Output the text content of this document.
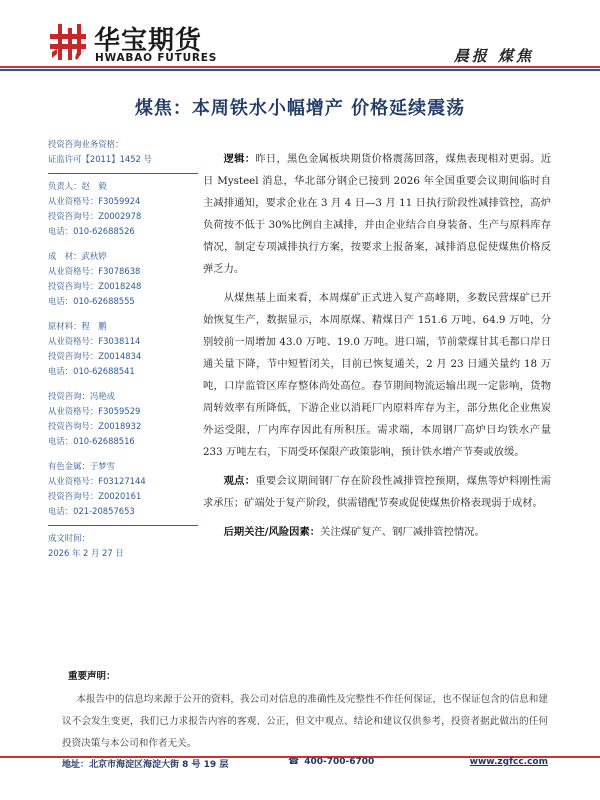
华宝期货
HWABAO FUTURES	晨报 煤焦
煤焦：本周铁水小幅增产 价格延续震荡
投资咨询业务资格：
证监许可【2011】1452 号
负责人：赵　毅
从业资格号：F3059924
投资咨询号：Z0002978
电话：010-62688526
成　材：武秋婷
从业资格号：F3078638
投资咨询号：Z0018248
电话：010-62688555
原材料：程　鹏
从业资格号：F3038114
投资咨询号：Z0014834
电话：010-62688541
投资咨询：冯艳成
从业资格号：F3059529
投资咨询号：Z0018932
电话：010-62688516
有色金属：于梦雪
从业资格号：F03127144
投资咨询号：Z0020161
电话：021-20857653
成文时间：
2026 年 2 月 27 日

逻辑：昨日，黑色金属板块期货价格震荡回落，煤焦表现相对更弱。近日 Mysteel 消息，华北部分钢企已接到 2026 年全国重要会议期间临时自主减排通知，要求企业在 3 月 4 日—3 月 11 日执行阶段性减排管控，高炉负荷按不低于 30%比例自主减排，并由企业结合自身装备、生产与原料库存情况，制定专项减排执行方案，按要求上报备案，减排消息促使煤焦价格反弹乏力。

从煤焦基上面来看，本周煤矿正式进入复产高峰期，多数民营煤矿已开始恢复生产，数据显示，本周原煤、精煤日产 151.6 万吨、64.9 万吨，分别较前一周增加 43.0 万吨、19.0 万吨。进口端，节前蒙煤甘其毛都口岸日通关量下降，节中短暂闭关，目前已恢复通关，2 月 23 日通关量约 18 万吨，口岸监管区库存整体尚处高位。春节期间物流运输出现一定影响，货物周转效率有所降低，下游企业以消耗厂内原料库存为主，部分焦化企业焦炭外运受限，厂内库存因此有所积压。需求端，本周钢厂高炉日均铁水产量 233 万吨左右，下周受环保限产政策影响，预计铁水增产节奏或放缓。

观点：重要会议期间钢厂存在阶段性减排管控预期，煤焦等炉料刚性需求承压；矿端处于复产阶段，供需错配节奏或促使煤焦价格表现弱于成材。

后期关注/风险因素：关注煤矿复产、钢厂减排管控情况。

重要声明：
本报告中的信息均来源于公开的资料，我公司对信息的准确性及完整性不作任何保证，也不保证包含的信息和建议不会发生变更，我们已力求报告内容的客观、公正，但文中观点、结论和建议仅供参考，投资者据此做出的任何投资决策与本公司和作者无关。
地址：北京市海淀区海淀大街 8 号 19 层	☎ 400-700-6700	www.zgfcc.com
